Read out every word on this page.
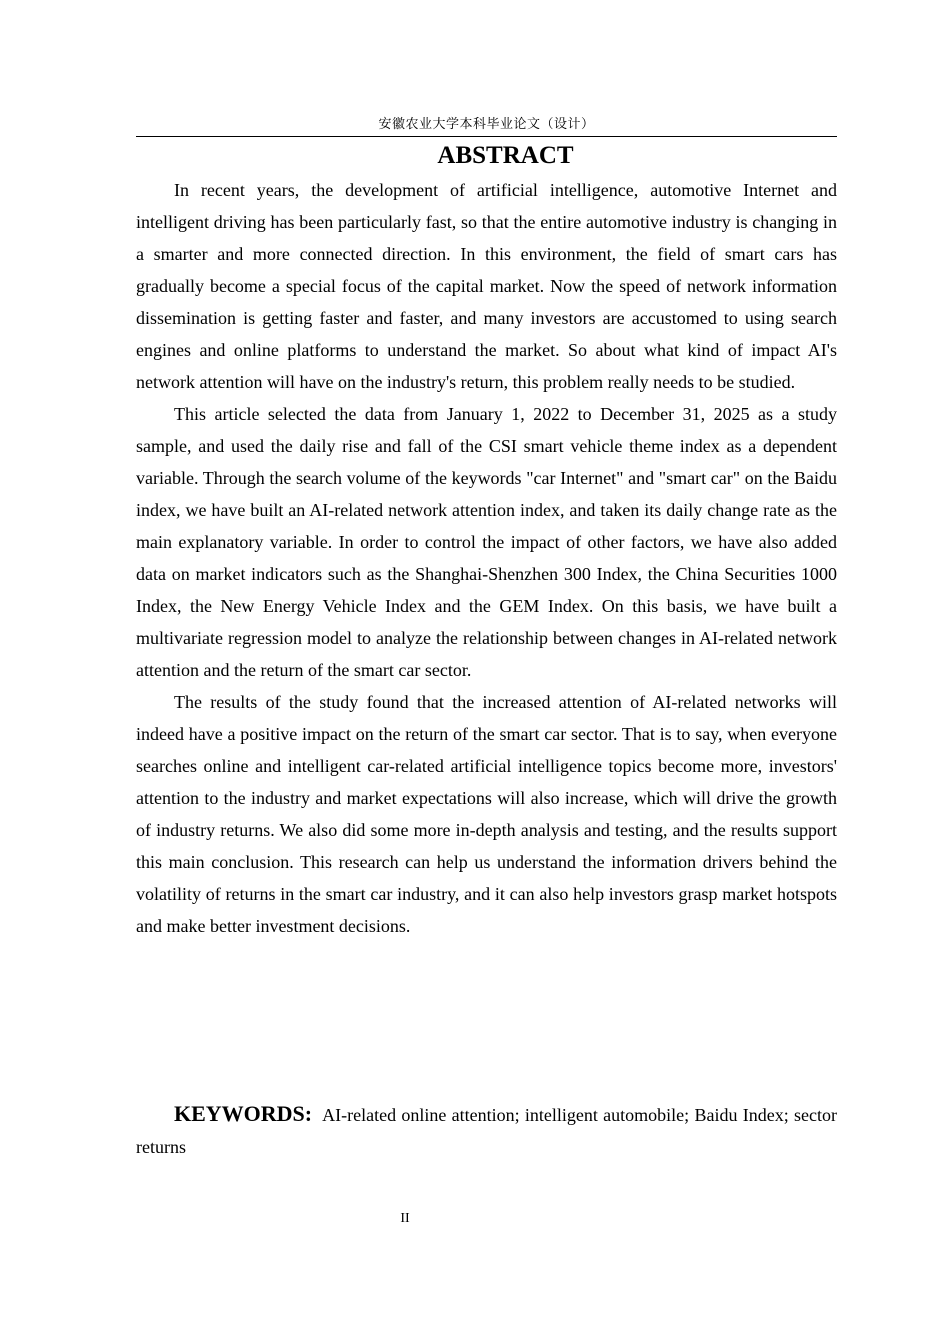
安徽农业大学本科毕业论文（设计）
ABSTRACT

In recent years, the development of artificial intelligence, automotive Internet and intelligent driving has been particularly fast, so that the entire automotive industry is changing in a smarter and more connected direction. In this environment, the field of smart cars has gradually become a special focus of the capital market. Now the speed of network information dissemination is getting faster and faster, and many investors are accustomed to using search engines and online platforms to understand the market. So about what kind of impact AI's network attention will have on the industry's return, this problem really needs to be studied.

This article selected the data from January 1, 2022 to December 31, 2025 as a study sample, and used the daily rise and fall of the CSI smart vehicle theme index as a dependent variable. Through the search volume of the keywords "car Internet" and "smart car" on the Baidu index, we have built an AI-related network attention index, and taken its daily change rate as the main explanatory variable. In order to control the impact of other factors, we have also added data on market indicators such as the Shanghai-Shenzhen 300 Index, the China Securities 1000 Index, the New Energy Vehicle Index and the GEM Index. On this basis, we have built a multivariate regression model to analyze the relationship between changes in AI-related network attention and the return of the smart car sector.

The results of the study found that the increased attention of AI-related networks will indeed have a positive impact on the return of the smart car sector. That is to say, when everyone searches online and intelligent car-related artificial intelligence topics become more, investors' attention to the industry and market expectations will also increase, which will drive the growth of industry returns. We also did some more in-depth analysis and testing, and the results support this main conclusion. This research can help us understand the information drivers behind the volatility of returns in the smart car industry, and it can also help investors grasp market hotspots and make better investment decisions.

KEYWORDS: AI-related online attention; intelligent automobile; Baidu Index; sector returns

II
